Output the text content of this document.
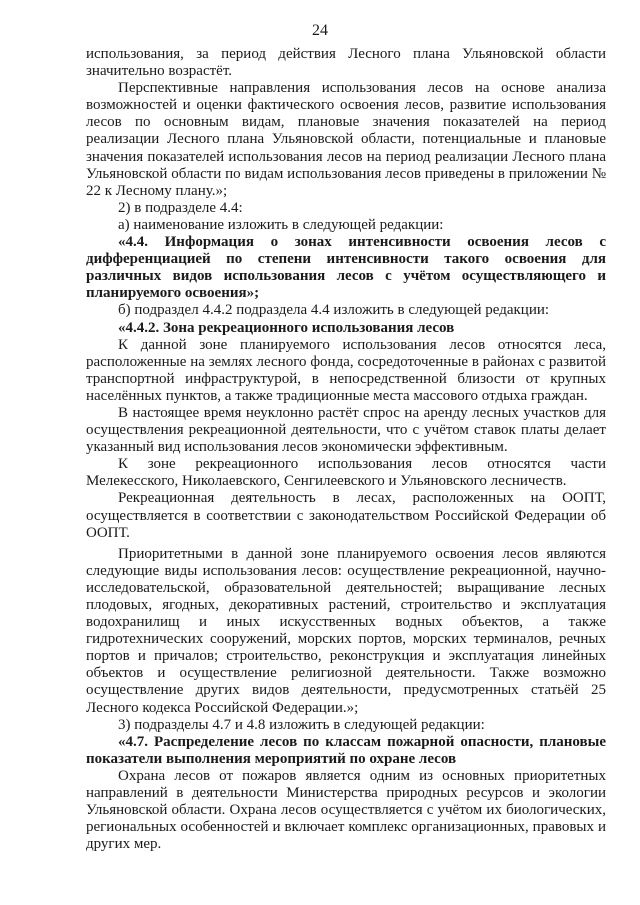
24

использования, за период действия Лесного плана Ульяновской области значительно возрастёт.

Перспективные направления использования лесов на основе анализа возможностей и оценки фактического освоения лесов, развитие использования лесов по основным видам, плановые значения показателей на период реализации Лесного плана Ульяновской области, потенциальные и плановые значения показателей использования лесов на период реализации Лесного плана Ульяновской области по видам использования лесов приведены в приложении № 22 к Лесному плану.»;

2) в подразделе 4.4:

а) наименование изложить в следующей редакции:

«4.4. Информация о зонах интенсивности освоения лесов с дифференциацией по степени интенсивности такого освоения для различных видов использования лесов с учётом осуществляющего и планируемого освоения»;

б) подраздел 4.4.2 подраздела 4.4 изложить в следующей редакции:

«4.4.2. Зона рекреационного использования лесов

К данной зоне планируемого использования лесов относятся леса, расположенные на землях лесного фонда, сосредоточенные в районах с развитой транспортной инфраструктурой, в непосредственной близости от крупных населённых пунктов, а также традиционные места массового отдыха граждан.

В настоящее время неуклонно растёт спрос на аренду лесных участков для осуществления рекреационной деятельности, что с учётом ставок платы делает указанный вид использования лесов экономически эффективным.

К зоне рекреационного использования лесов относятся части Мелекесского, Николаевского, Сенгилеевского и Ульяновского лесничеств.

Рекреационная деятельность в лесах, расположенных на ООПТ, осуществляется в соответствии с законодательством Российской Федерации об ООПТ.

Приоритетными в данной зоне планируемого освоения лесов являются следующие виды использования лесов: осуществление рекреационной, научно-исследовательской, образовательной деятельностей; выращивание лесных плодовых, ягодных, декоративных растений, строительство и эксплуатация водохранилищ и иных искусственных водных объектов, а также гидротехнических сооружений, морских портов, морских терминалов, речных портов и причалов; строительство, реконструкция и эксплуатация линейных объектов и осуществление религиозной деятельности. Также возможно осуществление других видов деятельности, предусмотренных статьёй 25 Лесного кодекса Российской Федерации.»;

3) подразделы 4.7 и 4.8 изложить в следующей редакции:

«4.7. Распределение лесов по классам пожарной опасности, плановые показатели выполнения мероприятий по охране лесов

Охрана лесов от пожаров является одним из основных приоритетных направлений в деятельности Министерства природных ресурсов и экологии Ульяновской области. Охрана лесов осуществляется с учётом их биологических, региональных особенностей и включает комплекс организационных, правовых и других мер.
